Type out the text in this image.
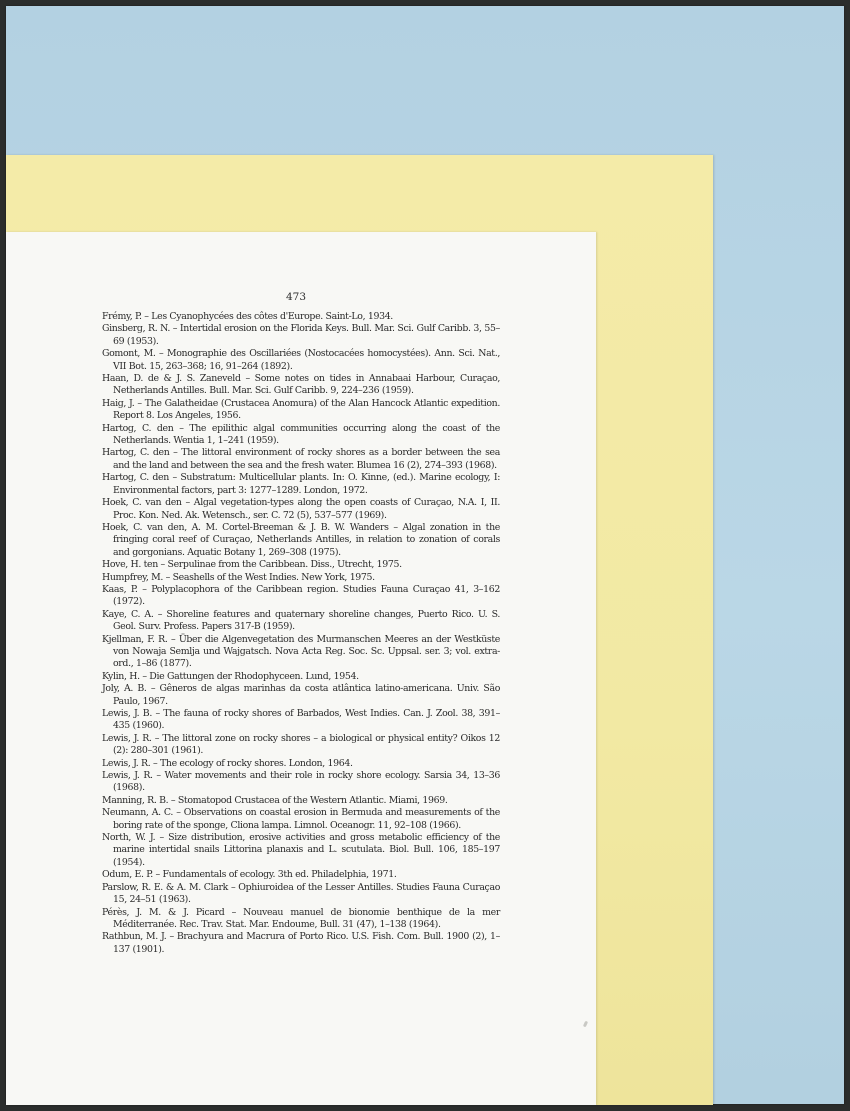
473
Frémy, P. – Les Cyanophycées des côtes d'Europe. Saint-Lo, 1934.
Ginsberg, R. N. – Intertidal erosion on the Florida Keys. Bull. Mar. Sci. Gulf Caribb. 3, 55–69 (1953).
Gomont, M. – Monographie des Oscillariées (Nostocacées homocystées). Ann. Sci. Nat., VII Bot. 15, 263–368; 16, 91–264 (1892).
Haan, D. de & J. S. Zaneveld – Some notes on tides in Annabaai Harbour, Curaçao, Netherlands Antilles. Bull. Mar. Sci. Gulf Caribb. 9, 224–236 (1959).
Haig, J. – The Galatheidae (Crustacea Anomura) of the Alan Hancock Atlantic expedition. Report 8. Los Angeles, 1956.
Hartog, C. den – The epilithic algal communities occurring along the coast of the Netherlands. Wentia 1, 1–241 (1959).
Hartog, C. den – The littoral environment of rocky shores as a border between the sea and the land and between the sea and the fresh water. Blumea 16 (2), 274–393 (1968).
Hartog, C. den – Substratum: Multicellular plants. In: O. Kinne, (ed.). Marine ecology, I: Environmental factors, part 3: 1277–1289. London, 1972.
Hoek, C. van den – Algal vegetation-types along the open coasts of Curaçao, N.A. I, II. Proc. Kon. Ned. Ak. Wetensch., ser. C. 72 (5), 537–577 (1969).
Hoek, C. van den, A. M. Cortel-Breeman & J. B. W. Wanders – Algal zonation in the fringing coral reef of Curaçao, Netherlands Antilles, in relation to zonation of corals and gorgonians. Aquatic Botany 1, 269–308 (1975).
Hove, H. ten – Serpulinae from the Caribbean. Diss., Utrecht, 1975.
Humpfrey, M. – Seashells of the West Indies. New York, 1975.
Kaas, P. – Polyplacophora of the Caribbean region. Studies Fauna Curaçao 41, 3–162 (1972).
Kaye, C. A. – Shoreline features and quaternary shoreline changes, Puerto Rico. U. S. Geol. Surv. Profess. Papers 317-B (1959).
Kjellman, F. R. – Über die Algenvegetation des Murmanschen Meeres an der Westküste von Nowaja Semlja und Wajgatsch. Nova Acta Reg. Soc. Sc. Uppsal. ser. 3; vol. extra-ord., 1–86 (1877).
Kylin, H. – Die Gattungen der Rhodophyceen. Lund, 1954.
Joly, A. B. – Gêneros de algas marinhas da costa atlântica latino-americana. Univ. São Paulo, 1967.
Lewis, J. B. – The fauna of rocky shores of Barbados, West Indies. Can. J. Zool. 38, 391–435 (1960).
Lewis, J. R. – The littoral zone on rocky shores – a biological or physical entity? Oikos 12 (2): 280–301 (1961).
Lewis, J. R. – The ecology of rocky shores. London, 1964.
Lewis, J. R. – Water movements and their role in rocky shore ecology. Sarsia 34, 13–36 (1968).
Manning, R. B. – Stomatopod Crustacea of the Western Atlantic. Miami, 1969.
Neumann, A. C. – Observations on coastal erosion in Bermuda and measurements of the boring rate of the sponge, Cliona lampa. Limnol. Oceanogr. 11, 92–108 (1966).
North, W. J. – Size distribution, erosive activities and gross metabolic efficiency of the marine intertidal snails Littorina planaxis and L. scutulata. Biol. Bull. 106, 185–197 (1954).
Odum, E. P. – Fundamentals of ecology. 3th ed. Philadelphia, 1971.
Parslow, R. E. & A. M. Clark – Ophiuroidea of the Lesser Antilles. Studies Fauna Curaçao 15, 24–51 (1963).
Pérès, J. M. & J. Picard – Nouveau manuel de bionomie benthique de la mer Méditerranée. Rec. Trav. Stat. Mar. Endoume, Bull. 31 (47), 1–138 (1964).
Rathbun, M. J. – Brachyura and Macrura of Porto Rico. U.S. Fish. Com. Bull. 1900 (2), 1–137 (1901).
